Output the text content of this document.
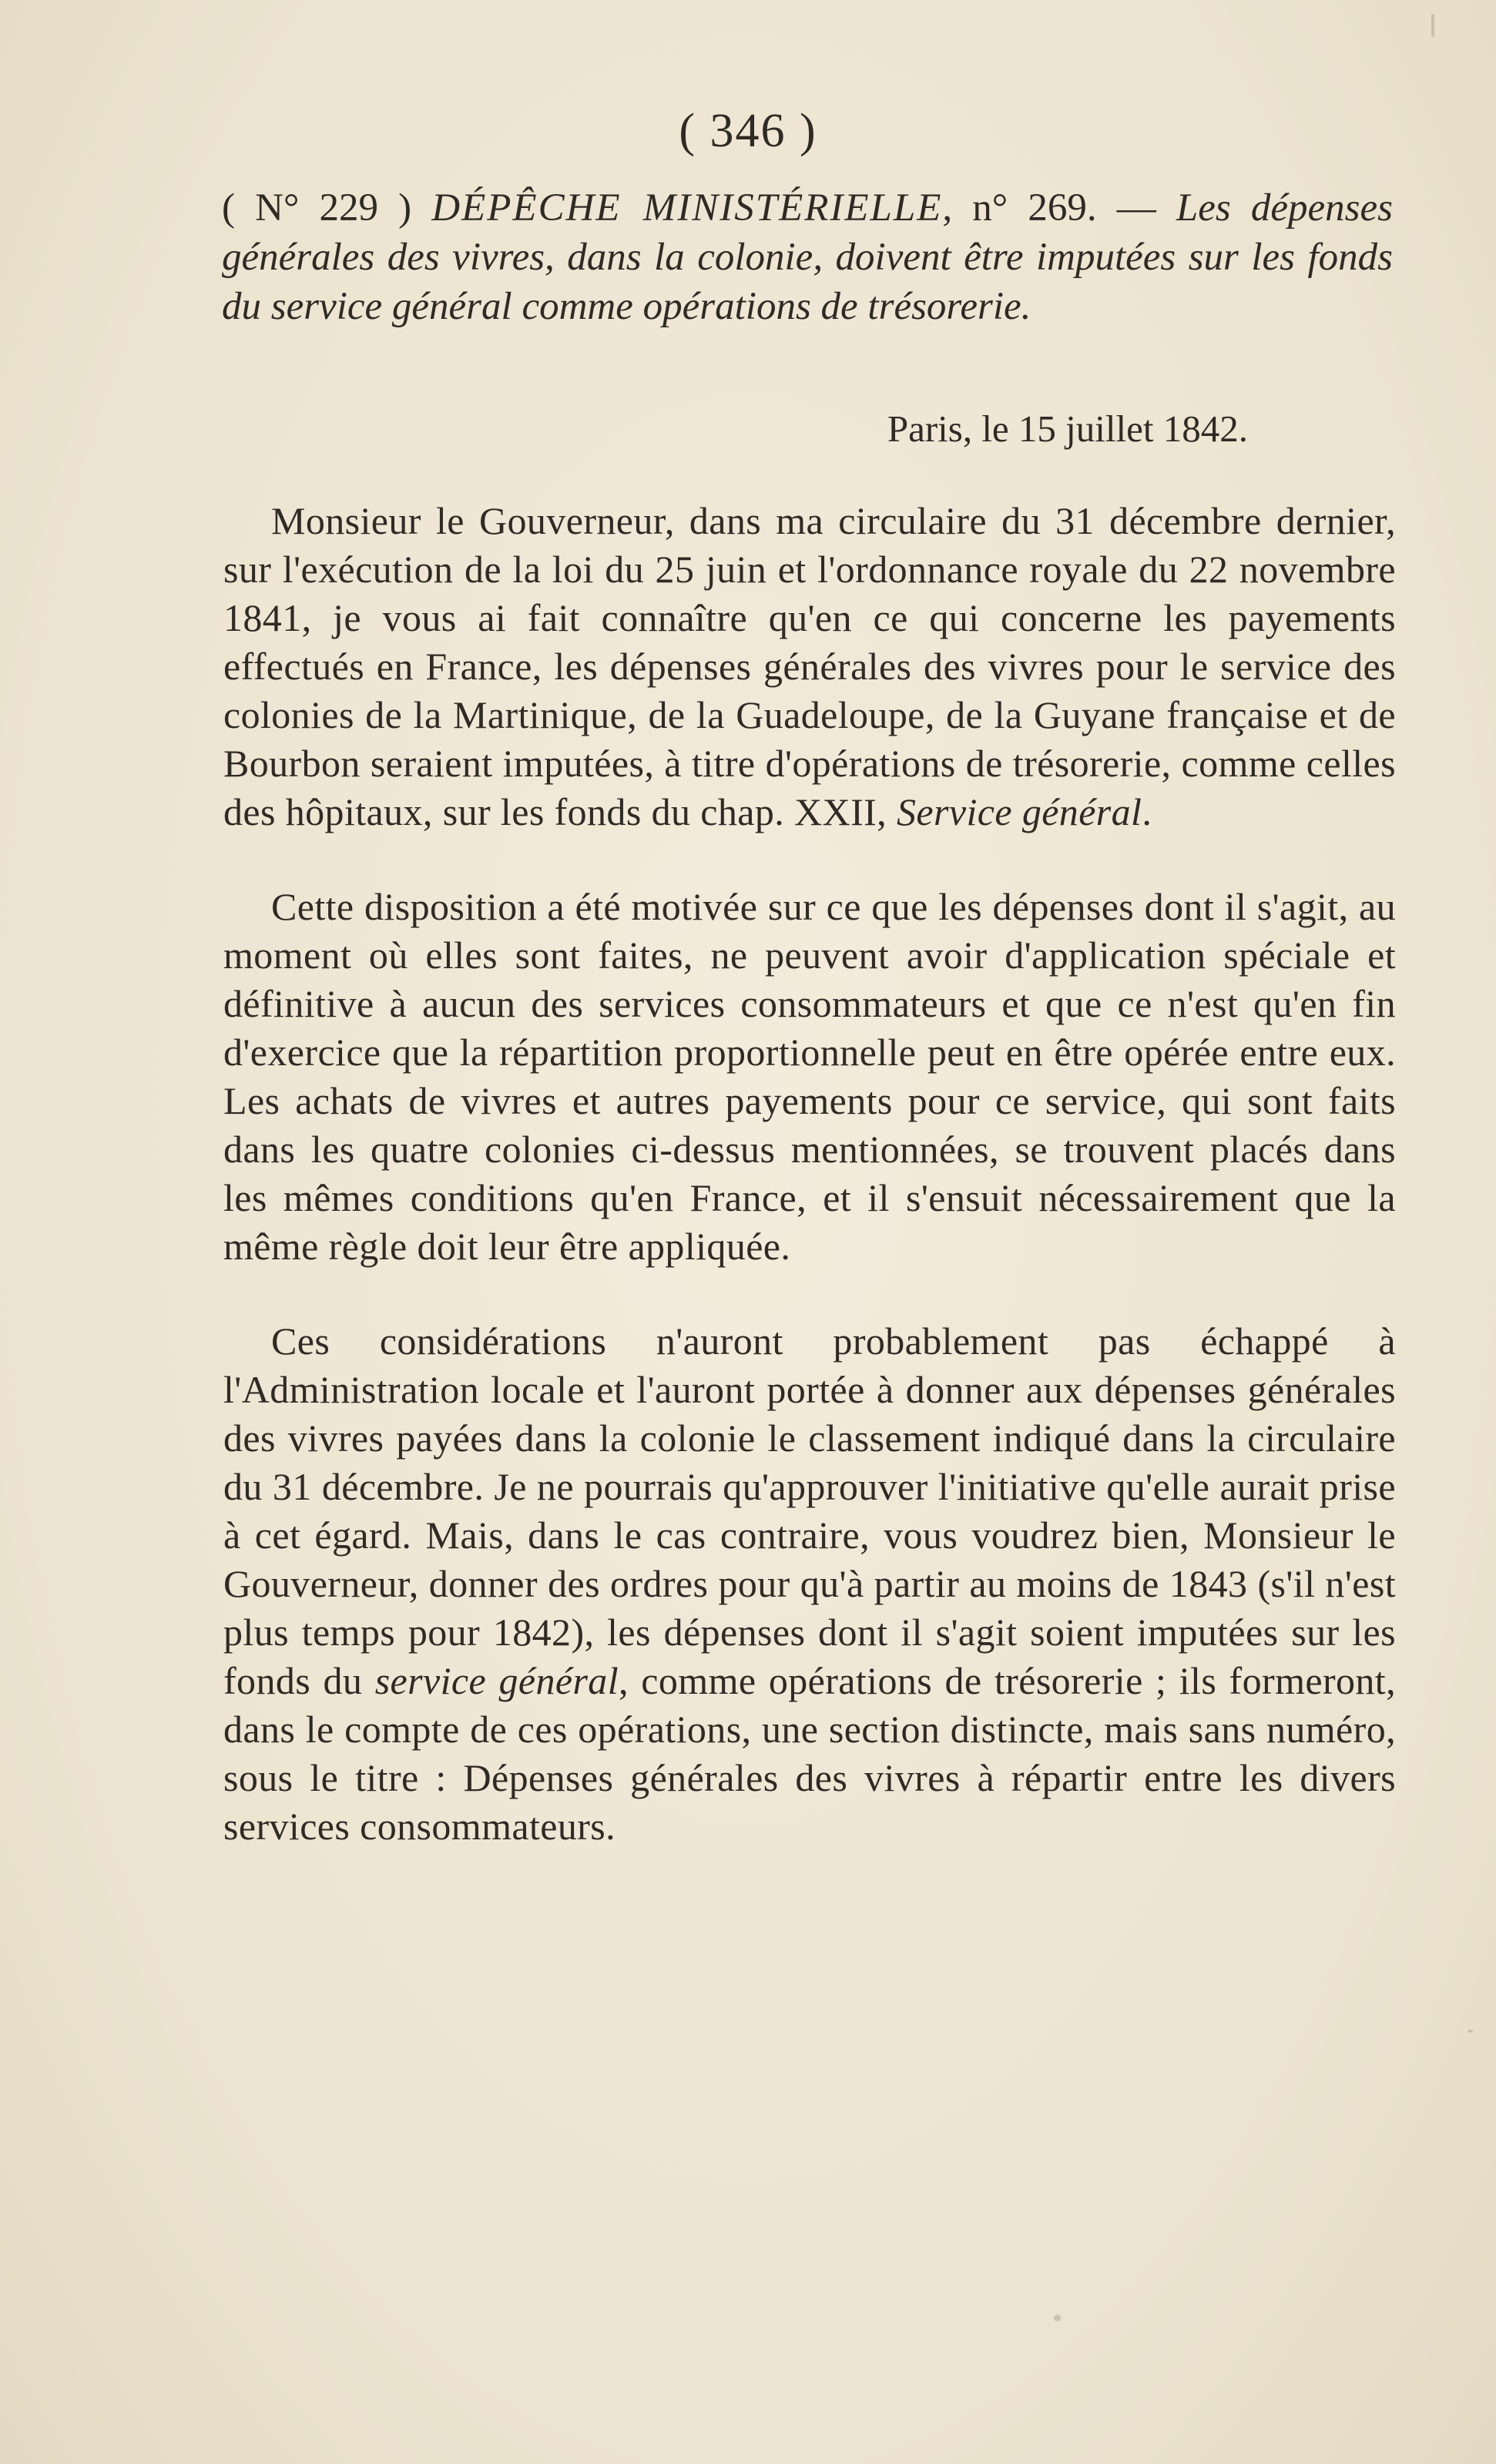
( 346 )
( N° 229 ) DÉPÊCHE MINISTÉRIELLE, n° 269. — Les dépenses générales des vivres, dans la colonie, doivent être imputées sur les fonds du service général comme opérations de trésorerie.
Paris, le 15 juillet 1842.

Monsieur le Gouverneur, dans ma circulaire du 31 décembre dernier, sur l'exécution de la loi du 25 juin et l'ordonnance royale du 22 novembre 1841, je vous ai fait connaître qu'en ce qui concerne les payements effectués en France, les dépenses générales des vivres pour le service des colonies de la Martinique, de la Guadeloupe, de la Guyane française et de Bourbon seraient imputées, à titre d'opérations de trésorerie, comme celles des hôpitaux, sur les fonds du chap. XXII, Service général.

Cette disposition a été motivée sur ce que les dépenses dont il s'agit, au moment où elles sont faites, ne peuvent avoir d'application spéciale et définitive à aucun des services consommateurs et que ce n'est qu'en fin d'exercice que la répartition proportionnelle peut en être opérée entre eux. Les achats de vivres et autres payements pour ce service, qui sont faits dans les quatre colonies ci-dessus mentionnées, se trouvent placés dans les mêmes conditions qu'en France, et il s'ensuit nécessairement que la même règle doit leur être appliquée.

Ces considérations n'auront probablement pas échappé à l'Administration locale et l'auront portée à donner aux dépenses générales des vivres payées dans la colonie le classement indiqué dans la circulaire du 31 décembre. Je ne pourrais qu'approuver l'initiative qu'elle aurait prise à cet égard. Mais, dans le cas contraire, vous voudrez bien, Monsieur le Gouverneur, donner des ordres pour qu'à partir au moins de 1843 (s'il n'est plus temps pour 1842), les dépenses dont il s'agit soient imputées sur les fonds du service général, comme opérations de trésorerie ; ils formeront, dans le compte de ces opérations, une section distincte, mais sans numéro, sous le titre : Dépenses générales des vivres à répartir entre les divers services consommateurs.
